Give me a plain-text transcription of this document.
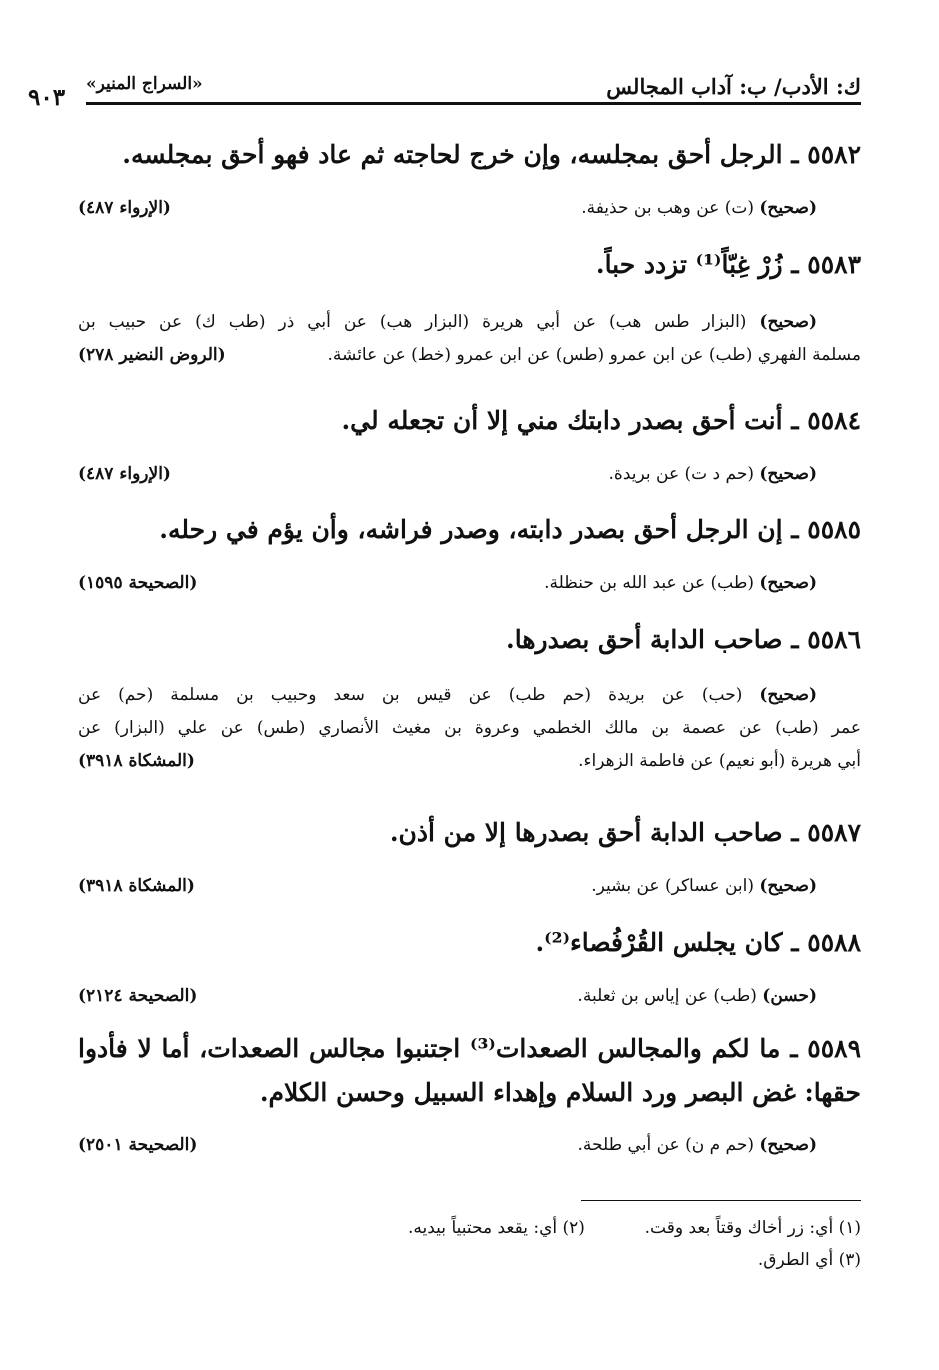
ك: الأدب/ ب: آداب المجالس
«السراج المنير»
٩٠٣
٥٥٨٢ ـ الرجل أحق بمجلسه، وإن خرج لحاجته ثم عاد فهو أحق بمجلسه.
(صحيح) (ت) عن وهب بن حذيفة.
(الإرواء ٤٨٧)
٥٥٨٣ ـ زُرْ غِبّاً⁽¹⁾ تزدد حباً.
(صحيح) (البزار طس هب) عن أبي هريرة (البزار هب) عن أبي ذر (طب ك) عن حبيب بن
مسلمة الفهري (طب) عن ابن عمرو (طس) عن ابن عمرو (خط) عن عائشة.
(الروض النضير ٢٧٨)
٥٥٨٤ ـ أنت أحق بصدر دابتك مني إلا أن تجعله لي.
(صحيح) (حم د ت) عن بريدة.
(الإرواء ٤٨٧)
٥٥٨٥ ـ إن الرجل أحق بصدر دابته، وصدر فراشه، وأن يؤم في رحله.
(صحيح) (طب) عن عبد الله بن حنظلة.
(الصحيحة ١٥٩٥)
٥٥٨٦ ـ صاحب الدابة أحق بصدرها.
(صحيح) (حب) عن بريدة (حم طب) عن قيس بن سعد وحبيب بن مسلمة (حم) عن
عمر (طب) عن عصمة بن مالك الخطمي وعروة بن مغيث الأنصاري (طس) عن علي (البزار) عن
أبي هريرة (أبو نعيم) عن فاطمة الزهراء.
(المشكاة ٣٩١٨)
٥٥٨٧ ـ صاحب الدابة أحق بصدرها إلا من أذن.
(صحيح) (ابن عساكر) عن بشير.
(المشكاة ٣٩١٨)
٥٥٨٨ ـ كان يجلس القُرْفُصاء⁽²⁾.
(حسن) (طب) عن إياس بن ثعلبة.
(الصحيحة ٢١٢٤)
٥٥٨٩ ـ ما لكم والمجالس الصعدات⁽³⁾ اجتنبوا مجالس الصعدات، أما لا فأدوا حقها: غض البصر ورد السلام وإهداء السبيل وحسن الكلام.
(صحيح) (حم م ن) عن أبي طلحة.
(الصحيحة ٢٥٠١)
(١) أي: زر أخاك وقتاً بعد وقت.
(٢) أي: يقعد محتبياً بيديه.
(٣) أي الطرق.
